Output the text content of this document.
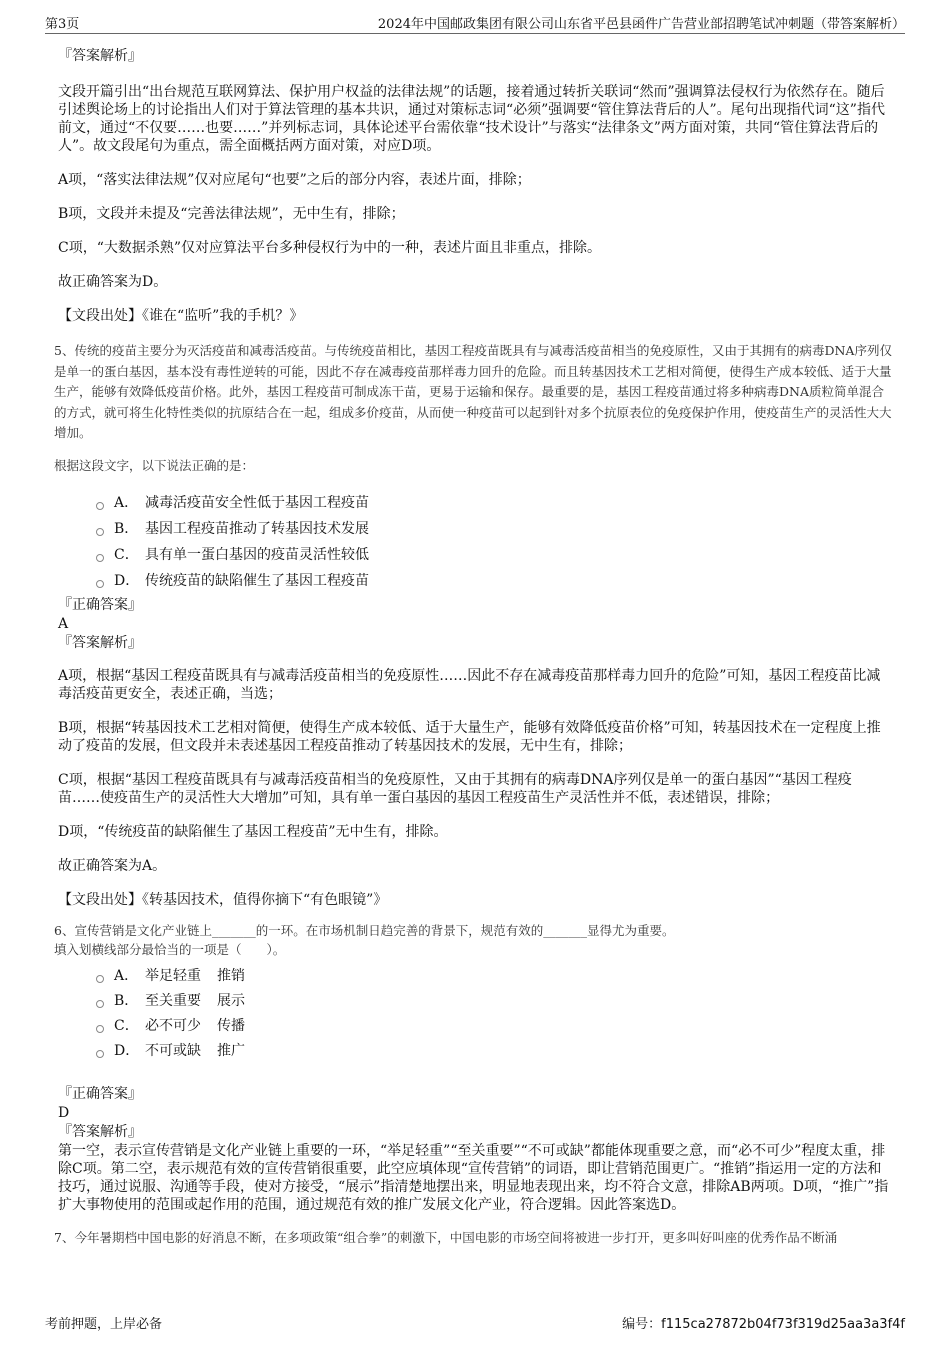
第3页	2024年中国邮政集团有限公司山东省平邑县函件广告营业部招聘笔试冲刺题（带答案解析）

『答案解析』

文段开篇引出“出台规范互联网算法、保护用户权益的法律法规”的话题，接着通过转折关联词“然而”强调算法侵权行为依然存在。随后引述舆论场上的讨论指出人们对于算法管理的基本共识，通过对策标志词“必须”强调要“管住算法背后的人”。尾句出现指代词“这”指代前文，通过“不仅要……也要……”并列标志词，具体论述平台需依靠“技术设计”与落实“法律条文”两方面对策，共同“管住算法背后的人”。故文段尾句为重点，需全面概括两方面对策，对应D项。

A项，“落实法律法规”仅对应尾句“也要”之后的部分内容，表述片面，排除；

B项，文段并未提及“完善法律法规”，无中生有，排除；

C项，“大数据杀熟”仅对应算法平台多种侵权行为中的一种，表述片面且非重点，排除。

故正确答案为D。

【文段出处】《谁在“监听”我的手机？》

5、传统的疫苗主要分为灭活疫苗和减毒活疫苗。与传统疫苗相比，基因工程疫苗既具有与减毒活疫苗相当的免疫原性，又由于其拥有的病毒DNA序列仅是单一的蛋白基因，基本没有毒性逆转的可能，因此不存在减毒疫苗那样毒力回升的危险。而且转基因技术工艺相对简便，使得生产成本较低、适于大量生产，能够有效降低疫苗价格。此外，基因工程疫苗可制成冻干苗，更易于运输和保存。最重要的是，基因工程疫苗通过将多种病毒DNA质粒简单混合的方式，就可将生化特性类似的抗原结合在一起，组成多价疫苗，从而使一种疫苗可以起到针对多个抗原表位的免疫保护作用，使疫苗生产的灵活性大大增加。

根据这段文字，以下说法正确的是：

A． 减毒活疫苗安全性低于基因工程疫苗
B． 基因工程疫苗推动了转基因技术发展
C． 具有单一蛋白基因的疫苗灵活性较低
D． 传统疫苗的缺陷催生了基因工程疫苗

『正确答案』

A

『答案解析』

A项，根据“基因工程疫苗既具有与减毒活疫苗相当的免疫原性……因此不存在减毒疫苗那样毒力回升的危险”可知，基因工程疫苗比减毒活疫苗更安全，表述正确，当选；

B项，根据“转基因技术工艺相对简便，使得生产成本较低、适于大量生产，能够有效降低疫苗价格”可知，转基因技术在一定程度上推动了疫苗的发展，但文段并未表述基因工程疫苗推动了转基因技术的发展，无中生有，排除；

C项，根据“基因工程疫苗既具有与减毒活疫苗相当的免疫原性，又由于其拥有的病毒DNA序列仅是单一的蛋白基因”“基因工程疫苗……使疫苗生产的灵活性大大增加”可知，具有单一蛋白基因的基因工程疫苗生产灵活性并不低，表述错误，排除；

D项，“传统疫苗的缺陷催生了基因工程疫苗”无中生有，排除。

故正确答案为A。

【文段出处】《转基因技术，值得你摘下“有色眼镜”》

6、宣传营销是文化产业链上_______的一环。在市场机制日趋完善的背景下，规范有效的_______显得尤为重要。

填入划横线部分最恰当的一项是（　　）。

A． 举足轻重 推销
B． 至关重要 展示
C． 必不可少 传播
D． 不可或缺 推广

『正确答案』

D

『答案解析』

第一空，表示宣传营销是文化产业链上重要的一环，“举足轻重”“至关重要”“不可或缺”都能体现重要之意，而“必不可少”程度太重，排除C项。第二空，表示规范有效的宣传营销很重要，此空应填体现“宣传营销”的词语，即让营销范围更广。“推销”指运用一定的方法和技巧，通过说服、沟通等手段，使对方接受，“展示”指清楚地摆出来，明显地表现出来，均不符合文意，排除AB两项。D项，“推广”指扩大事物使用的范围或起作用的范围，通过规范有效的推广发展文化产业，符合逻辑。因此答案选D。

7、今年暑期档中国电影的好消息不断，在多项政策“组合拳”的刺激下，中国电影的市场空间将被进一步打开，更多叫好叫座的优秀作品不断涌

考前押题，上岸必备	编号：f115ca27872b04f73f319d25aa3a3f4f
